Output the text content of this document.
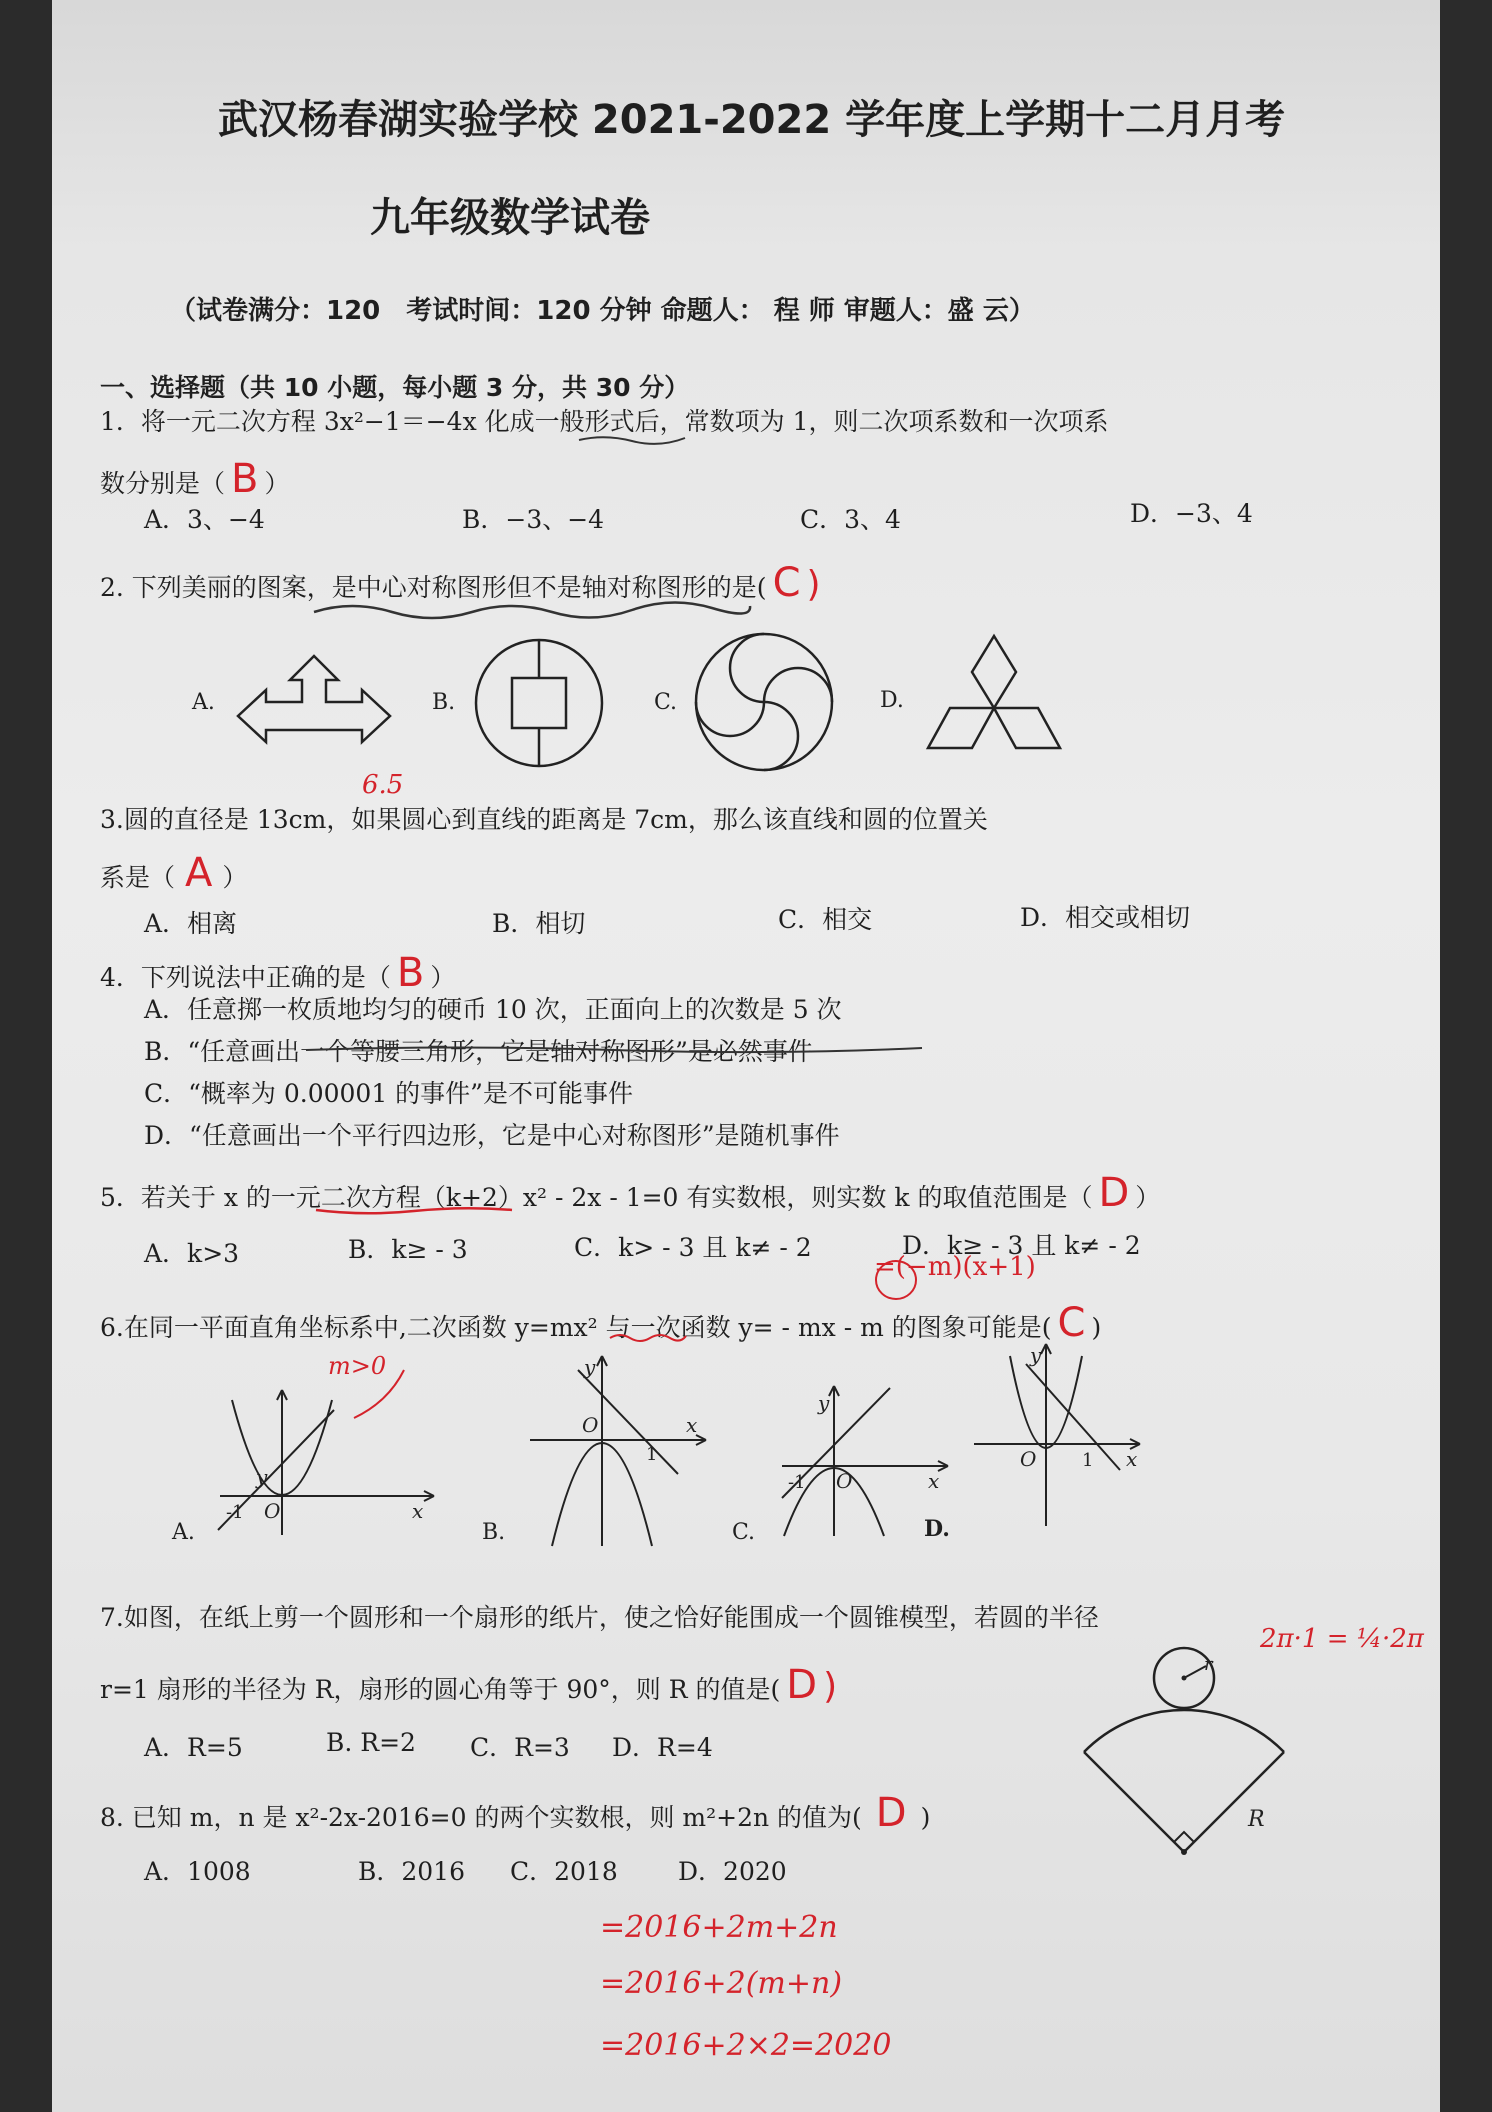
武汉杨春湖实验学校 2021-2022 学年度上学期十二月月考
九年级数学试卷
（试卷满分：120　考试时间：120 分钟 命题人： 程 师 审题人：盛 云）
一、选择题（共 10 小题，每小题 3 分，共 30 分）
1．将一元二次方程 3x²−1＝−4x 化成一般形式后，常数项为 1，则二次项系数和一次项系
数分别是（ B ）
A．3、−4	B．−3、−4	C．3、4	D．−3、4
2. 下列美丽的图案，是中心对称图形但不是轴对称图形的是( C )
A.	B.	C.	D.
6.5
3.圆的直径是 13cm，如果圆心到直线的距离是 7cm，那么该直线和圆的位置关
系是（ A ）
A．相离	B．相切	C．相交	D．相交或相切
4．下列说法中正确的是（ B ）
A．任意掷一枚质地均匀的硬币 10 次，正面向上的次数是 5 次
B．“任意画出一个等腰三角形，它是轴对称图形”是必然事件
C．“概率为 0.00001 的事件”是不可能事件
D．“任意画出一个平行四边形，它是中心对称图形”是随机事件
5．若关于 x 的一元二次方程（k+2）x² - 2x - 1=0 有实数根，则实数 k 的取值范围是（ D ）
A．k>3	B．k≥ - 3	C．k> - 3 且 k≠ - 2	D．k≥ - 3 且 k≠ - 2
=(−m)(x+1)
6.在同一平面直角坐标系中,二次函数 y=mx² 与一次函数 y= - mx - m 的图象可能是( C )
m>0
y
-1 O	x
A.
y
O
1
x
B.
y
-1 O	x
C.	D.
y
O	1 x
7.如图，在纸上剪一个圆形和一个扇形的纸片，使之恰好能围成一个圆锥模型，若圆的半径
r=1 扇形的半径为 R，扇形的圆心角等于 90°，则 R 的值是( D )
A．R=5	B. R=2 C．R=3 D．R=4
2π·1 = ¼·2π
r
R
8. 已知 m，n 是 x²-2x-2016=0 的两个实数根，则 m²+2n 的值为( D )
A．1008	B．2016 C．2018 D．2020
=2016+2m+2n
=2016+2(m+n)
=2016+2×2=2020
